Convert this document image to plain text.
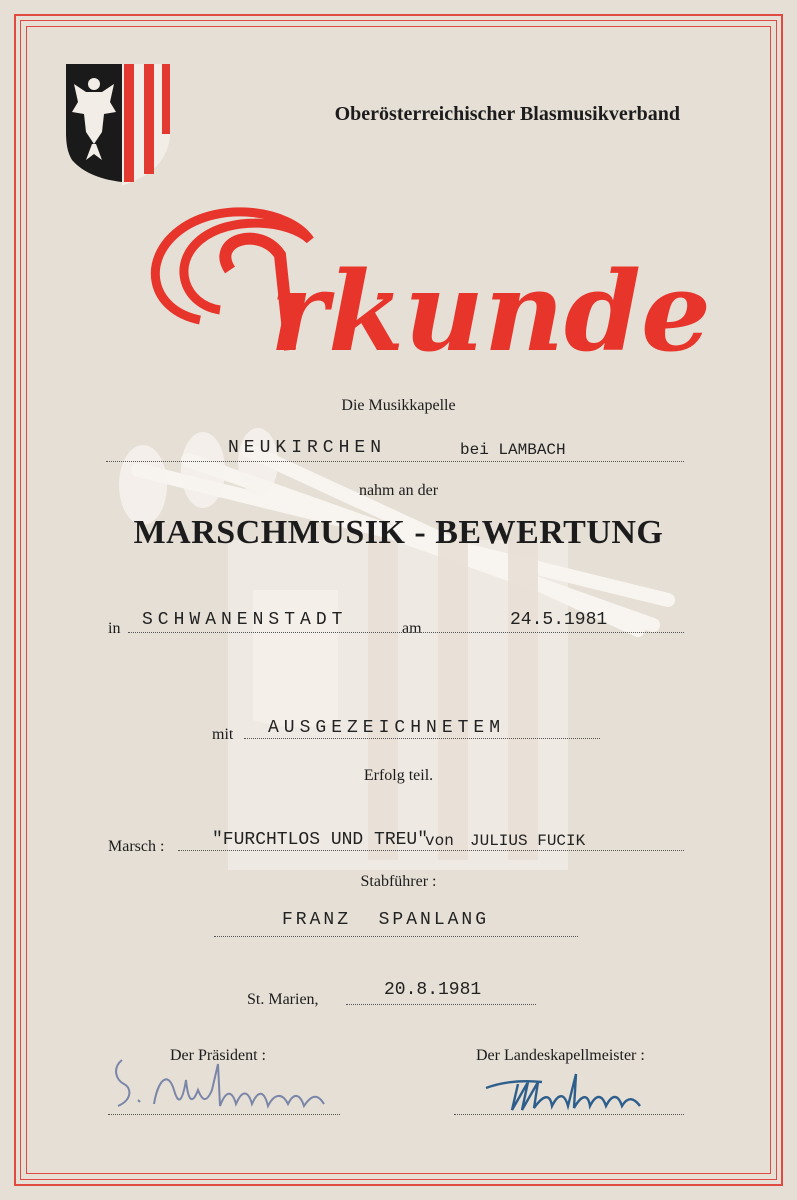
Oberösterreichischer Blasmusikverband
rkunde
Die Musikkapelle
NEUKIRCHEN	bei LAMBACH
nahm an der
MARSCHMUSIK - BEWERTUNG
in SCHWANENSTADT	am	24.5.1981
mit AUSGEZEICHNETEM
Erfolg teil.
Marsch :	"FURCHTLOS UND TREU"
von JULIUS FUCIK
Stabführer :
FRANZ  SPANLANG
St. Marien,	20.8.1981
Der Präsident :	Der Landeskapellmeister :
